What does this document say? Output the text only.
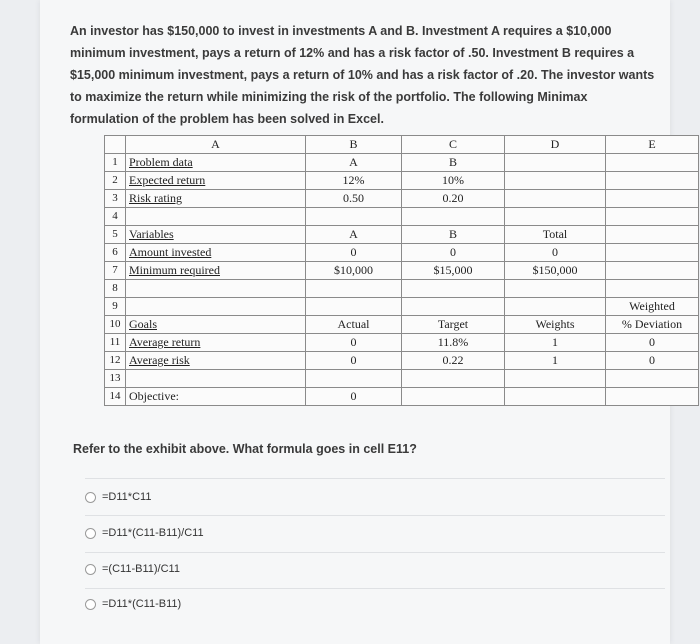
An investor has $150,000 to invest in investments A and B. Investment A requires a $10,000 minimum investment, pays a return of 12% and has a risk factor of .50. Investment B requires a $15,000 minimum investment, pays a return of 10% and has a risk factor of .20. The investor wants to maximize the return while minimizing the risk of the portfolio. The following Minimax formulation of the problem has been solved in Excel.
	A	B	C	D	E
1	Problem data	A	B		
2	Expected return	12%	10%		
3	Risk rating	0.50	0.20		
4					
5	Variables	A	B	Total	
6	Amount invested	0	0	0	
7	Minimum required	$10,000	$15,000	$150,000	
8					
9					Weighted
10	Goals	Actual	Target	Weights	% Deviation
11	Average return	0	11.8%	1	0
12	Average risk	0	0.22	1	0
13					
14	Objective:	0			
Refer to the exhibit above. What formula goes in cell E11?
=D11*C11
=D11*(C11-B11)/C11
=(C11-B11)/C11
=D11*(C11-B11)
